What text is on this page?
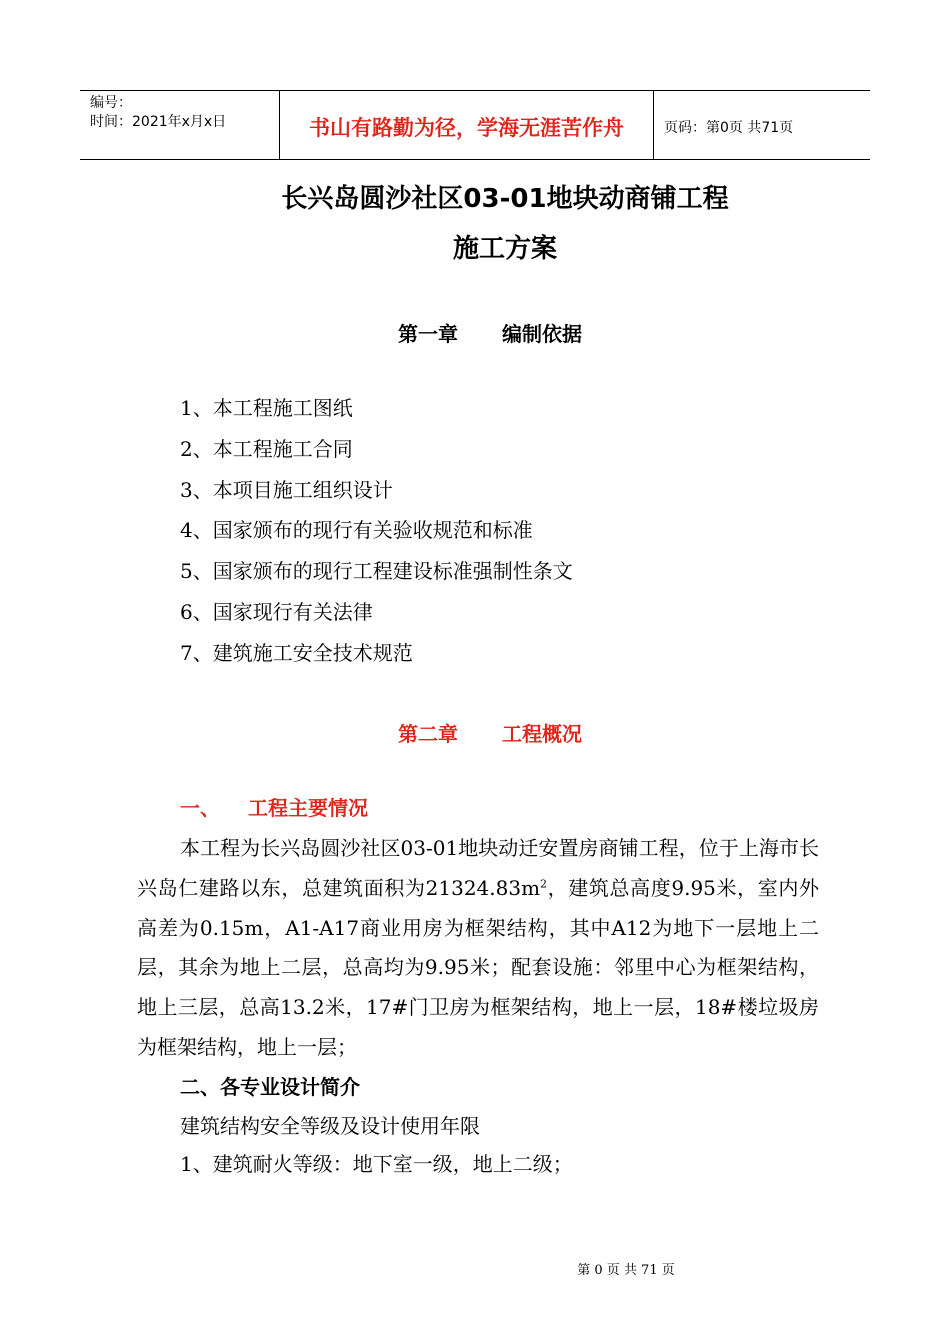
编号：
时间：2021年x月x日	书山有路勤为径，学海无涯苦作舟	页码：第0页 共71页
长兴岛圆沙社区03-01地块动商铺工程
施工方案
第一章 编制依据
1、本工程施工图纸
2、本工程施工合同
3、本项目施工组织设计
4、国家颁布的现行有关验收规范和标准
5、国家颁布的现行工程建设标准强制性条文
6、国家现行有关法律
7、建筑施工安全技术规范
第二章 工程概况
一、 工程主要情况

本工程为长兴岛圆沙社区03-01地块动迁安置房商铺工程，位于上海市长兴岛仁建路以东，总建筑面积为$21324.83m^2$，建筑总高度9.95米，室内外高差为0.15m，A1-A17商业用房为框架结构，其中A12为地下一层地上二层，其余为地上二层，总高均为9.95米；配套设施：邻里中心为框架结构，地上三层，总高13.2米，17#门卫房为框架结构，地上一层，18#楼垃圾房为框架结构，地上一层；

二、各专业设计简介
建筑结构安全等级及设计使用年限
1、建筑耐火等级：地下室一级，地上二级；
第 0 页 共 71 页
